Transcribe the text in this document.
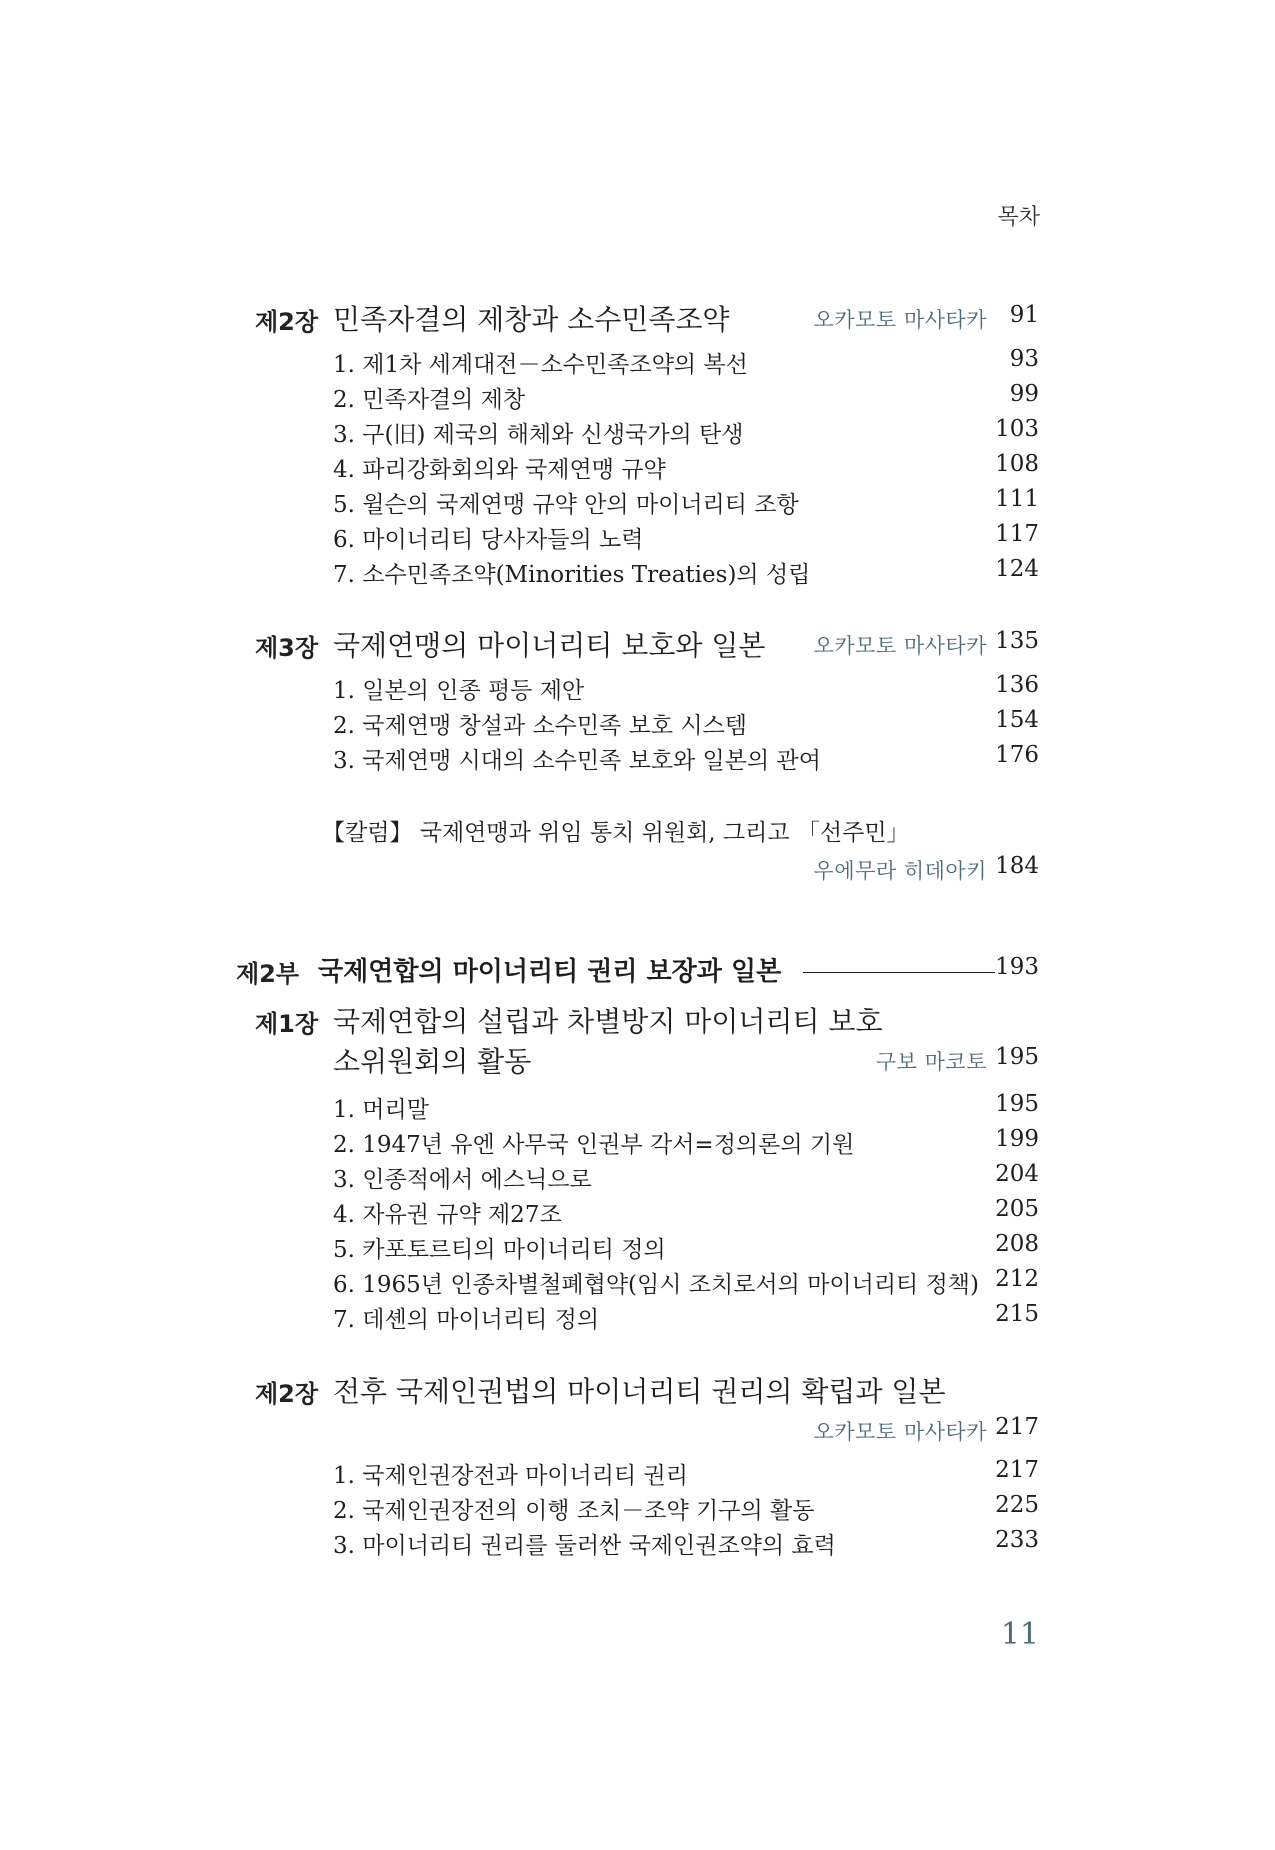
목차
제2장 민족자결의 제창과 소수민족조약	오카모토 마사타카 91
1. 제1차 세계대전－소수민족조약의 복선	93
2. 민족자결의 제창	99
3. 구(旧) 제국의 해체와 신생국가의 탄생	103
4. 파리강화회의와 국제연맹 규약	108
5. 윌슨의 국제연맹 규약 안의 마이너리티 조항	111
6. 마이너리티 당사자들의 노력	117
7. 소수민족조약(Minorities Treaties)의 성립	124
제3장 국제연맹의 마이너리티 보호와 일본 오카모토 마사타카 135
1. 일본의 인종 평등 제안	136
2. 국제연맹 창설과 소수민족 보호 시스템	154
3. 국제연맹 시대의 소수민족 보호와 일본의 관여	176
【칼럼】 국제연맹과 위임 통치 위원회, 그리고 「선주민」
우에무라 히데아키 184
제2부 국제연합의 마이너리티 권리 보장과 일본	193
제1장 국제연합의 설립과 차별방지 마이너리티 보호
소위원회의 활동	구보 마코토 195
1. 머리말	195
2. 1947년 유엔 사무국 인권부 각서=정의론의 기원	199
3. 인종적에서 에스닉으로	204
4. 자유권 규약 제27조	205
5. 카포토르티의 마이너리티 정의	208
6. 1965년 인종차별철폐협약(임시 조치로서의 마이너리티 정책) 212
7. 데셴의 마이너리티 정의	215
제2장 전후 국제인권법의 마이너리티 권리의 확립과 일본
오카모토 마사타카 217
1. 국제인권장전과 마이너리티 권리	217
2. 국제인권장전의 이행 조치－조약 기구의 활동	225
3. 마이너리티 권리를 둘러싼 국제인권조약의 효력	233
11
